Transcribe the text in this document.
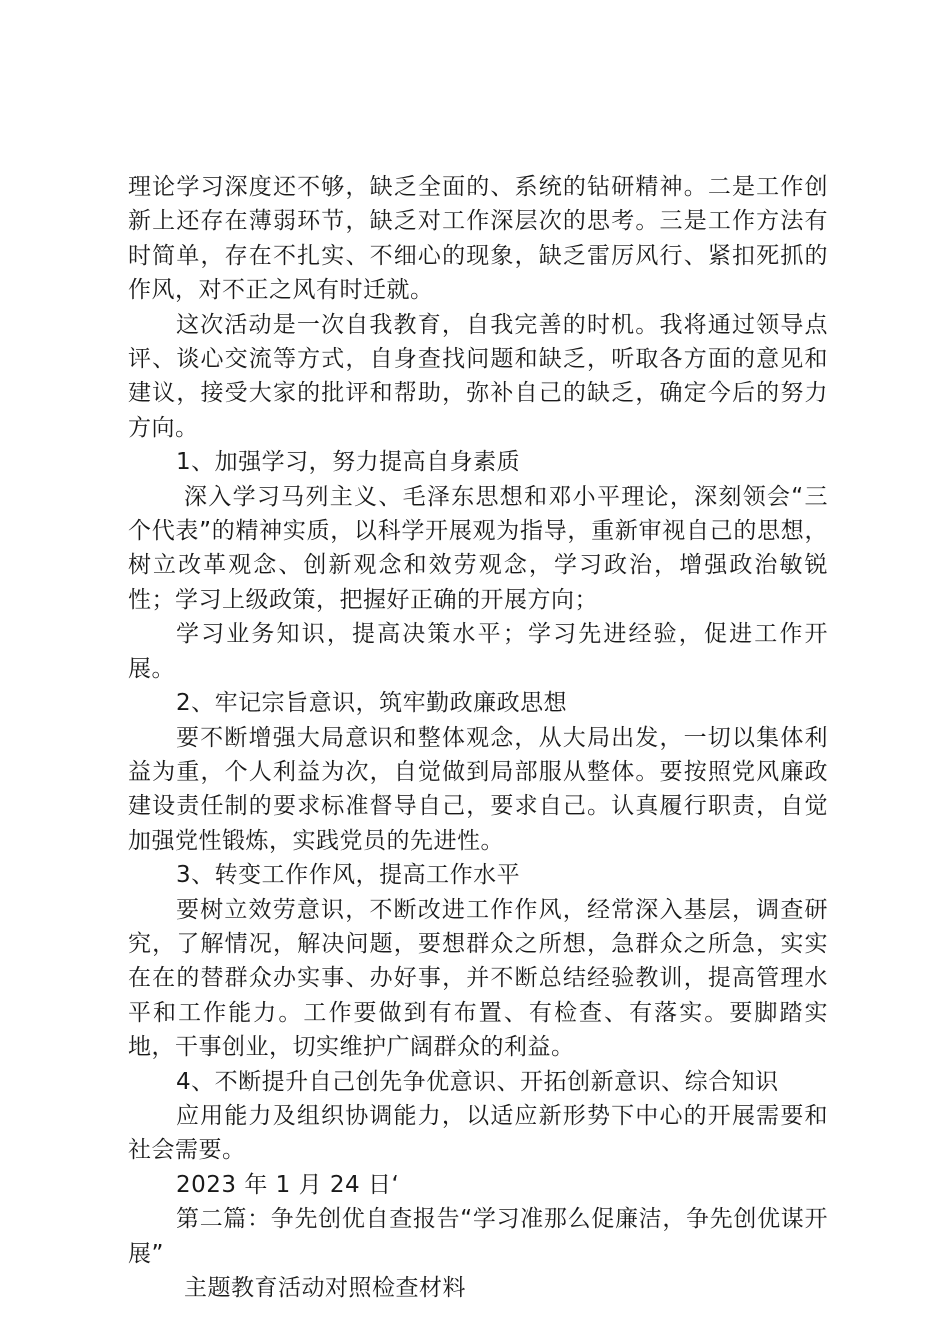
理论学习深度还不够，缺乏全面的、系统的钻研精神。二是工作创新上还存在薄弱环节，缺乏对工作深层次的思考。三是工作方法有时简单，存在不扎实、不细心的现象，缺乏雷厉风行、紧扣死抓的作风，对不正之风有时迁就。

这次活动是一次自我教育，自我完善的时机。我将通过领导点评、谈心交流等方式，自身查找问题和缺乏，听取各方面的意见和建议，接受大家的批评和帮助，弥补自己的缺乏，确定今后的努力方向。

1、加强学习，努力提高自身素质

深入学习马列主义、毛泽东思想和邓小平理论，深刻领会“三个代表”的精神实质，以科学开展观为指导，重新审视自己的思想，树立改革观念、创新观念和效劳观念，学习政治，增强政治敏锐性；学习上级政策，把握好正确的开展方向；

学习业务知识，提高决策水平；学习先进经验，促进工作开展。

2、牢记宗旨意识，筑牢勤政廉政思想

要不断增强大局意识和整体观念，从大局出发，一切以集体利益为重，个人利益为次，自觉做到局部服从整体。要按照党风廉政建设责任制的要求标准督导自己，要求自己。认真履行职责，自觉加强党性锻炼，实践党员的先进性。

3、转变工作作风，提高工作水平

要树立效劳意识，不断改进工作作风，经常深入基层，调查研究，了解情况，解决问题，要想群众之所想，急群众之所急，实实在在的替群众办实事、办好事，并不断总结经验教训，提高管理水平和工作能力。工作要做到有布置、有检查、有落实。要脚踏实地，干事创业，切实维护广阔群众的利益。

4、不断提升自己创先争优意识、开拓创新意识、综合知识

应用能力及组织协调能力，以适应新形势下中心的开展需要和社会需要。

2023 年 1 月 24 日‘

第二篇：争先创优自查报告“学习准那么促廉洁，争先创优谋开展”

主题教育活动对照检查材料
